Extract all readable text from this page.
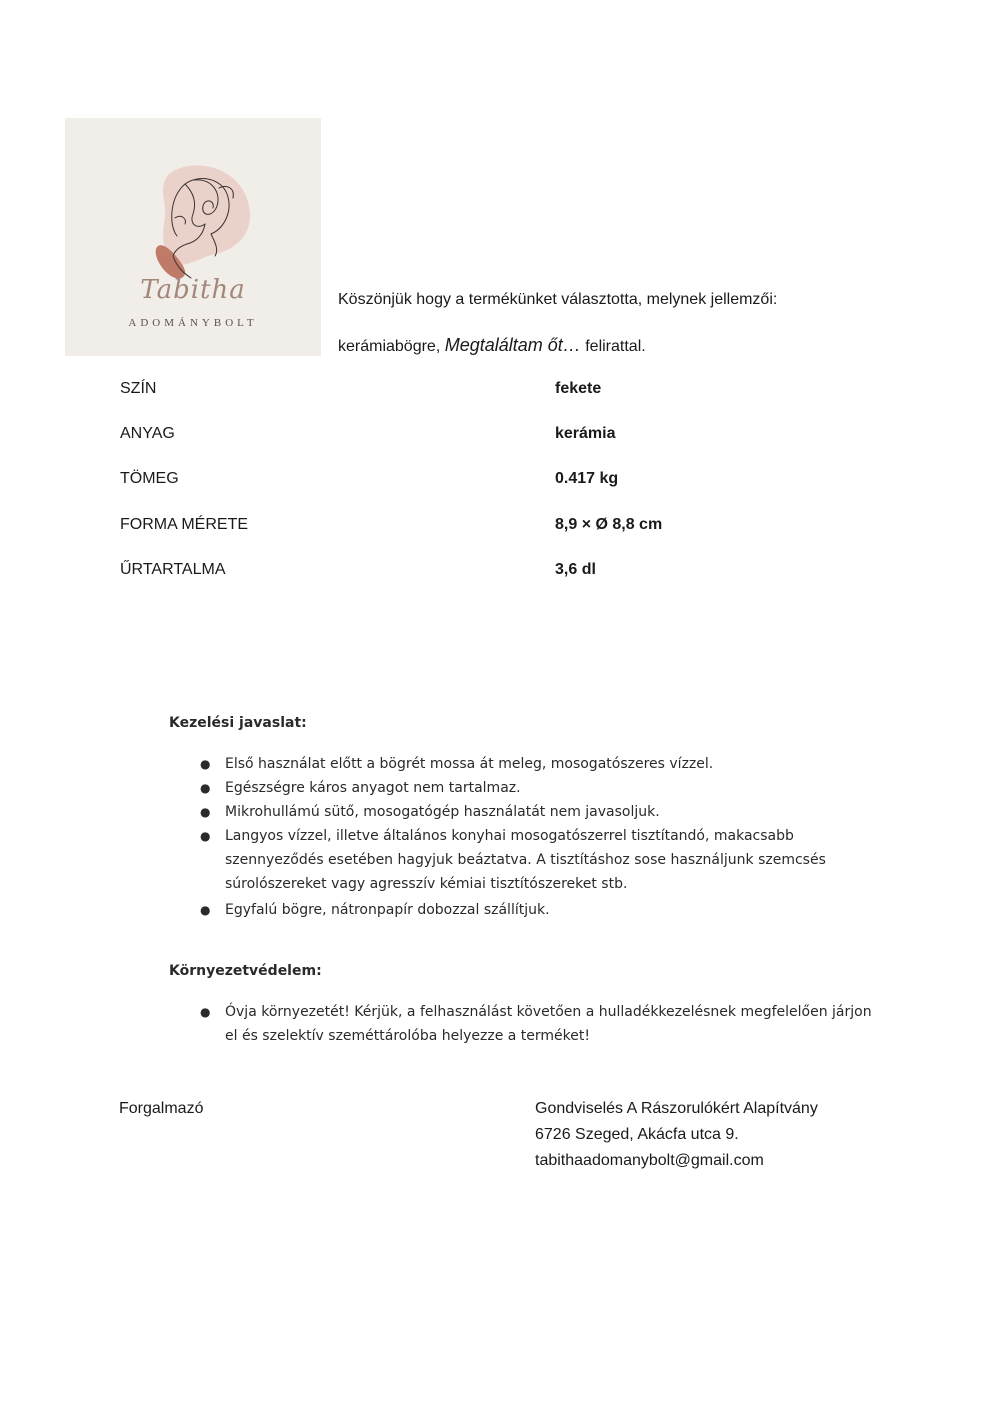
Tabitha
ADOMÁNYBOLT
Köszönjük hogy a termékünket választotta, melynek jellemzői:
kerámiabögre, Megtaláltam őt… felirattal.
SZÍN	fekete
ANYAG	kerámia
TÖMEG	0.417 kg
FORMA MÉRETE	8,9 × Ø 8,8 cm
ŰRTARTALMA	3,6 dl
Kezelési javaslat:
● Első használat előtt a bögrét mossa át meleg, mosogatószeres vízzel.
● Egészségre káros anyagot nem tartalmaz.
● Mikrohullámú sütő, mosogatógép használatát nem javasoljuk.
● Langyos vízzel, illetve általános konyhai mosogatószerrel tisztítandó, makacsabb
szennyeződés esetében hagyjuk beáztatva. A tisztításhoz sose használjunk szemcsés
súrolószereket vagy agresszív kémiai tisztítószereket stb.
● Egyfalú bögre, nátronpapír dobozzal szállítjuk.
Környezetvédelem:
● Óvja környezetét! Kérjük, a felhasználást követően a hulladékkezelésnek megfelelően járjon
el és szelektív szeméttárolóba helyezze a terméket!
Forgalmazó	Gondviselés A Rászorulókért Alapítvány
6726 Szeged, Akácfa utca 9.
tabithaadomanybolt@gmail.com
